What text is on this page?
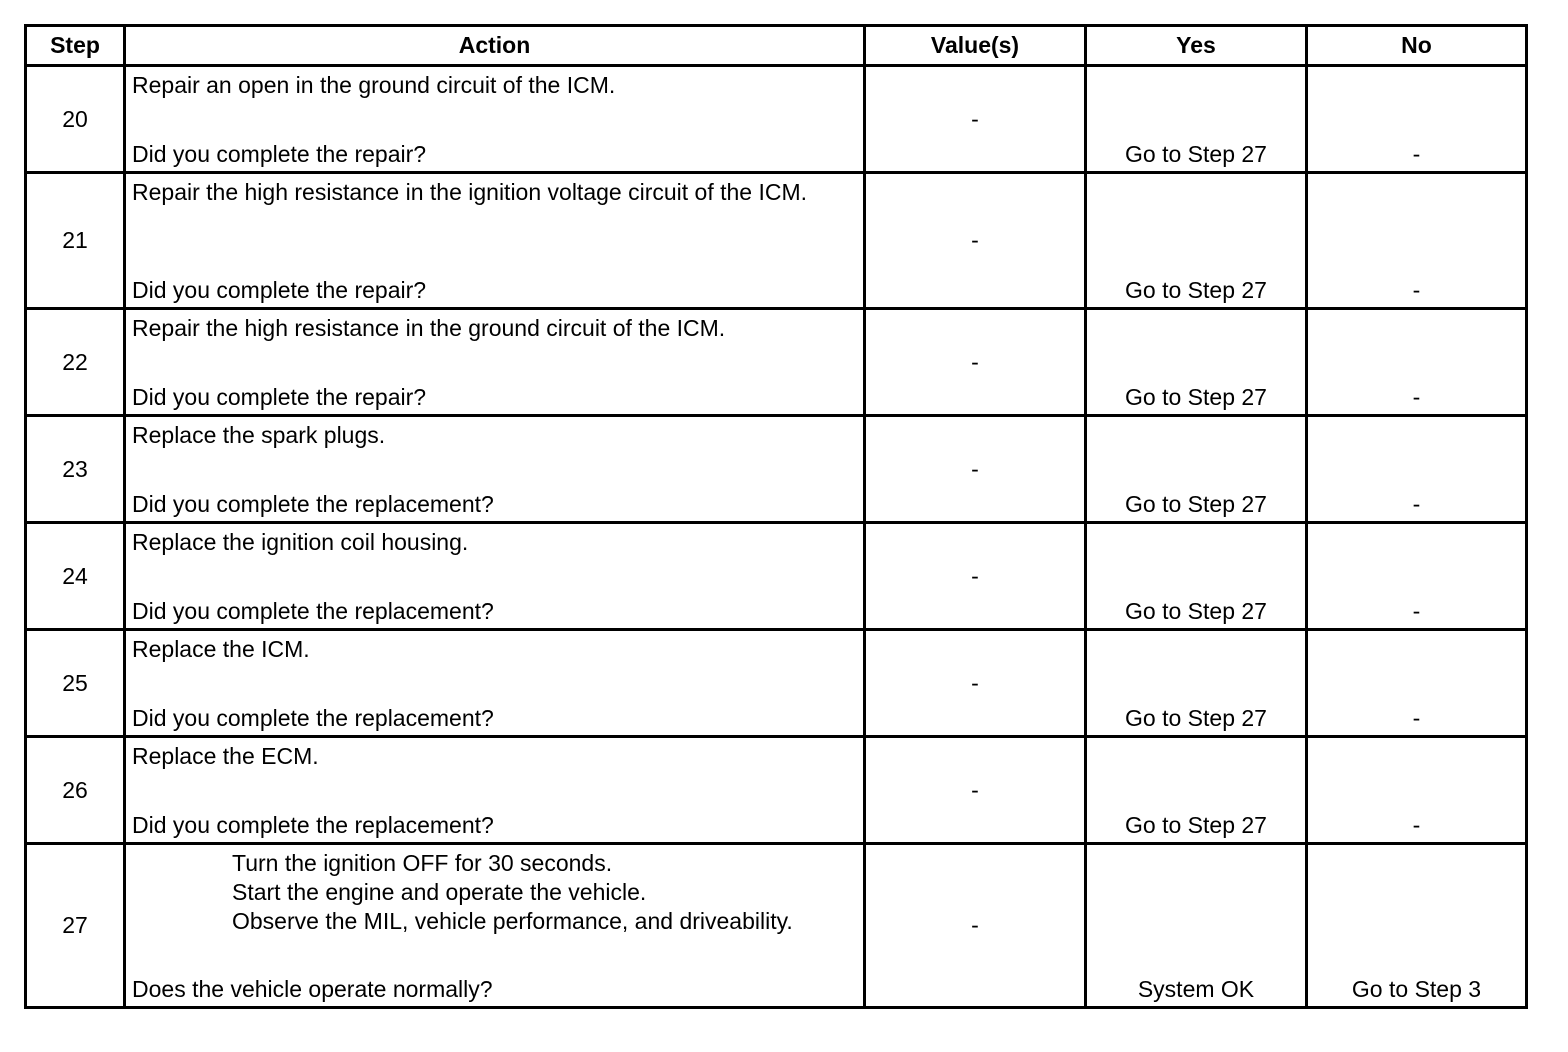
Step	Action	Value(s)	Yes	No
20	Repair an open in the ground circuit of the ICM.
Did you complete the repair?	-	Go to Step 27	-

21	Repair the high resistance in the ignition voltage circuit of the ICM.
Did you complete the repair?	-	Go to Step 27	-

22	Repair the high resistance in the ground circuit of the ICM.
Did you complete the repair?	-	Go to Step 27	-

23	Replace the spark plugs.
Did you complete the replacement?	-	Go to Step 27	-

24	Replace the ignition coil housing.
Did you complete the replacement?	-	Go to Step 27	-

25	Replace the ICM.
Did you complete the replacement?	-	Go to Step 27	-

26	Replace the ECM.
Did you complete the replacement?	-	Go to Step 27	-

27	Turn the ignition OFF for 30 seconds.
Start the engine and operate the vehicle.
Observe the MIL, vehicle performance, and driveability.
Does the vehicle operate normally?	-	System OK	Go to Step 3
